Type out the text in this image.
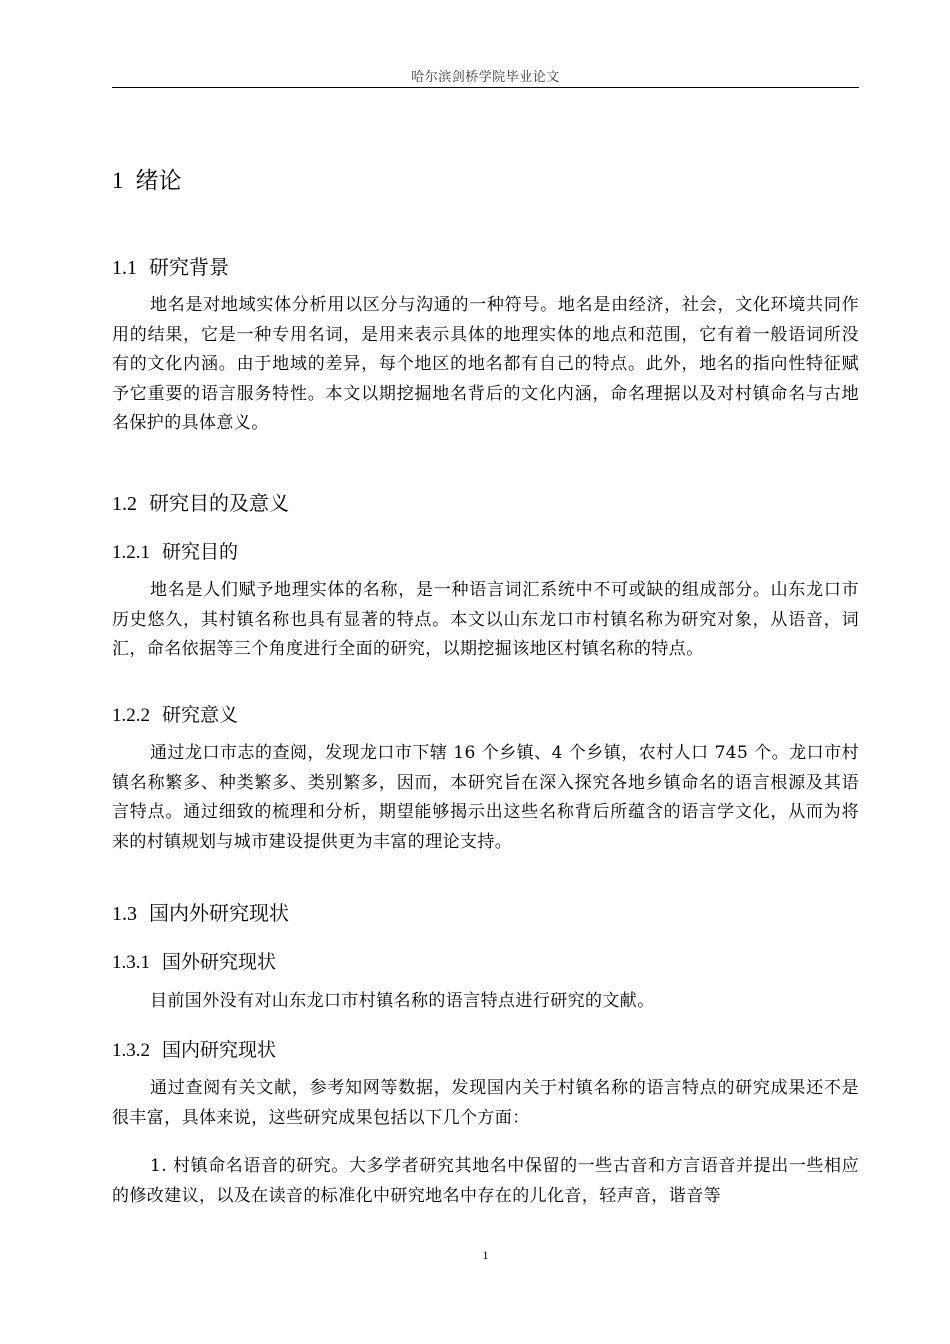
哈尔滨剑桥学院毕业论文
1 绪论
1.1 研究背景
地名是对地域实体分析用以区分与沟通的一种符号。地名是由经济，社会，文化环境共同作用的结果，它是一种专用名词，是用来表示具体的地理实体的地点和范围，它有着一般语词所没有的文化内涵。由于地域的差异，每个地区的地名都有自己的特点。此外，地名的指向性特征赋予它重要的语言服务特性。本文以期挖掘地名背后的文化内涵，命名理据以及对村镇命名与古地名保护的具体意义。
1.2 研究目的及意义
1.2.1 研究目的
地名是人们赋予地理实体的名称，是一种语言词汇系统中不可或缺的组成部分。山东龙口市历史悠久，其村镇名称也具有显著的特点。本文以山东龙口市村镇名称为研究对象，从语音，词汇，命名依据等三个角度进行全面的研究，以期挖掘该地区村镇名称的特点。
1.2.2 研究意义
通过龙口市志的查阅，发现龙口市下辖 16 个乡镇、4 个乡镇，农村人口 745 个。龙口市村镇名称繁多、种类繁多、类别繁多，因而，本研究旨在深入探究各地乡镇命名的语言根源及其语言特点。通过细致的梳理和分析，期望能够揭示出这些名称背后所蕴含的语言学文化，从而为将来的村镇规划与城市建设提供更为丰富的理论支持。
1.3 国内外研究现状
1.3.1 国外研究现状
目前国外没有对山东龙口市村镇名称的语言特点进行研究的文献。
1.3.2 国内研究现状
通过查阅有关文献，参考知网等数据，发现国内关于村镇名称的语言特点的研究成果还不是很丰富，具体来说，这些研究成果包括以下几个方面：
1. 村镇命名语音的研究。大多学者研究其地名中保留的一些古音和方言语音并提出一些相应的修改建议，以及在读音的标准化中研究地名中存在的儿化音，轻声音，谐音等
1
